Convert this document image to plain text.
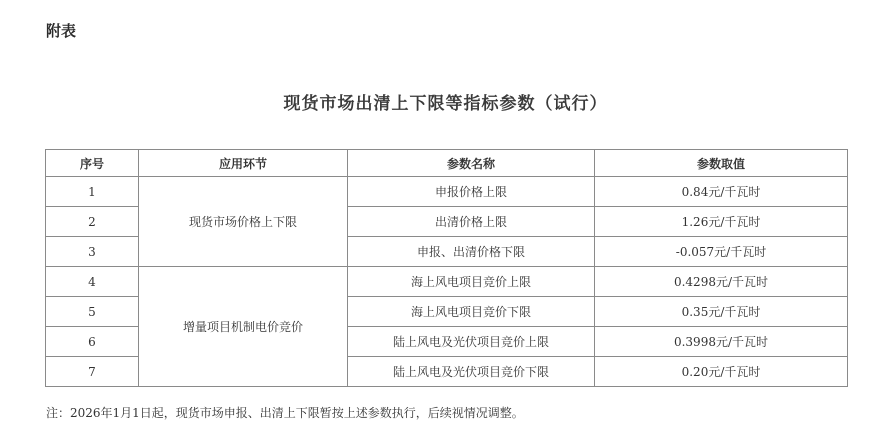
附表
现货市场出清上下限等指标参数（试行）
序号	应用环节	参数名称	参数取值
1	现货市场价格上下限	申报价格上限	0.84元/千瓦时
2		出清价格上限	1.26元/千瓦时
3		申报、出清价格下限	-0.057元/千瓦时
4	增量项目机制电价竞价	海上风电项目竞价上限	0.4298元/千瓦时
5		海上风电项目竞价下限	0.35元/千瓦时
6		陆上风电及光伏项目竞价上限	0.3998元/千瓦时
7		陆上风电及光伏项目竞价下限	0.20元/千瓦时
注：2026年1月1日起，现货市场申报、出清上下限暂按上述参数执行，后续视情况调整。
